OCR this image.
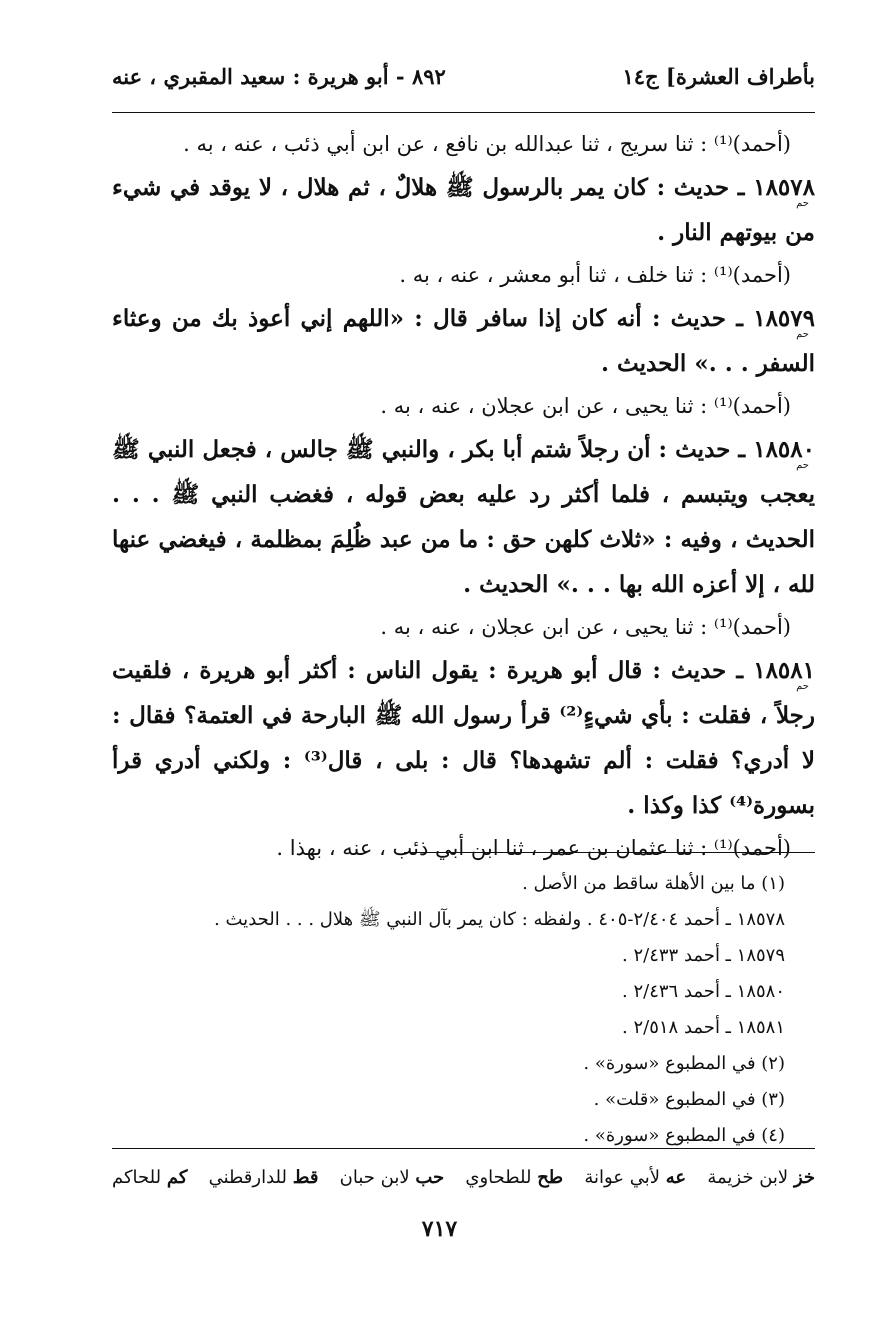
٨٩٢ - أبو هريرة : سعيد المقبري ، عنه	بأطراف العشرة] ج١٤

(أحمد)⁽¹⁾ : ثنا سريج ، ثنا عبدالله بن نافع ، عن ابن أبي ذئب ، عنه ، به .

١٨٥٧٨ ـ حديث : كان يمر بالرسول ﷺ هلالٌ ، ثم هلال ، لا يوقد في شيء من بيوتهم النار .
حم

(أحمد)⁽¹⁾ : ثنا خلف ، ثنا أبو معشر ، عنه ، به .

١٨٥٧٩ ـ حديث : أنه كان إذا سافر قال : «اللهم إني أعوذ بك من وعثاء السفر . . .» الحديث .
حم

(أحمد)⁽¹⁾ : ثنا يحيى ، عن ابن عجلان ، عنه ، به .

١٨٥٨٠ ـ حديث : أن رجلاً شتم أبا بكر ، والنبي ﷺ جالس ، فجعل النبي ﷺ يعجب ويتبسم ، فلما أكثر رد عليه بعض قوله ، فغضب النبي ﷺ . . . الحديث ، وفيه : «ثلاث كلهن حق : ما من عبد ظُلِمَ بمظلمة ، فيغضي عنها لله ، إلا أعزه الله بها . . .» الحديث .
حم

(أحمد)⁽¹⁾ : ثنا يحيى ، عن ابن عجلان ، عنه ، به .

١٨٥٨١ ـ حديث : قال أبو هريرة : يقول الناس : أكثر أبو هريرة ، فلقيت رجلاً ، فقلت : بأي شيءٍ⁽²⁾ قرأ رسول الله ﷺ البارحة في العتمة؟ فقال : لا أدري؟ فقلت : ألم تشهدها؟ قال : بلى ، قال⁽³⁾ : ولكني أدري قرأ بسورة⁽⁴⁾ كذا وكذا .
حم

(أحمد)⁽¹⁾ : ثنا عثمان بن عمر ، ثنا ابن أبي ذئب ، عنه ، بهذا .

(١) ما بين الأهلة ساقط من الأصل .

١٨٥٧٨ ـ أحمد ٢/٤٠٤-٤٠٥ . ولفظه : كان يمر بآل النبي ﷺ هلال . . . الحديث .

١٨٥٧٩ ـ أحمد ٢/٤٣٣ .

١٨٥٨٠ ـ أحمد ٢/٤٣٦ .

١٨٥٨١ ـ أحمد ٢/٥١٨ .

(٢) في المطبوع «سورة» .

(٣) في المطبوع «قلت» .

(٤) في المطبوع «سورة» .

خز لابن خزيمة
عه لأبي عوانة
طح للطحاوي
حب لابن حبان
قط للدارقطني
كم للحاكم
٧١٧
